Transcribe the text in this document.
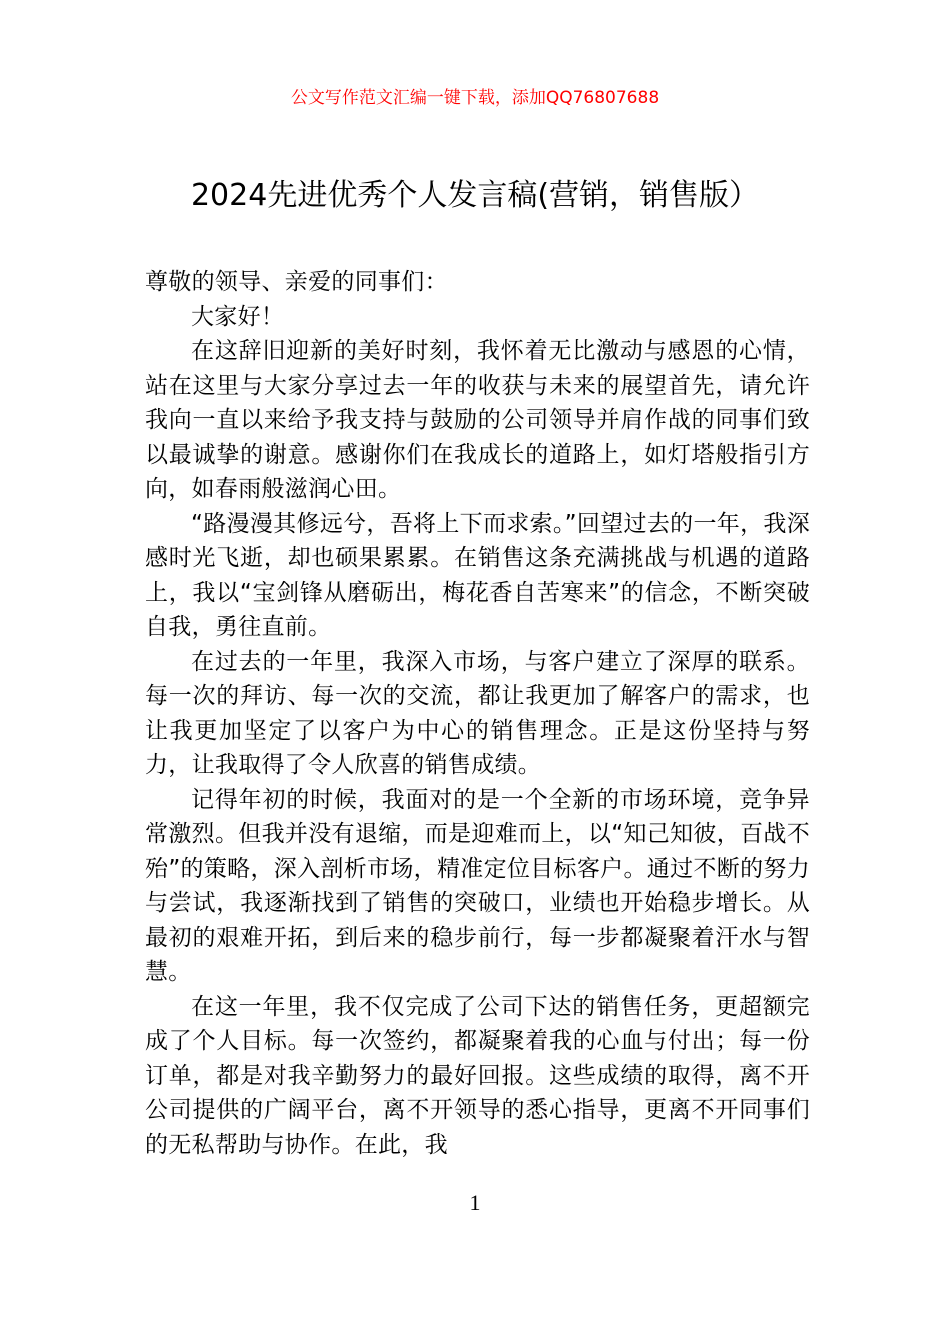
公文写作范文汇编一键下载，添加QQ76807688
2024先进优秀个人发言稿(营销，销售版）

尊敬的领导、亲爱的同事们：

大家好！

在这辞旧迎新的美好时刻，我怀着无比激动与感恩的心情，站在这里与大家分享过去一年的收获与未来的展望首先，请允许我向一直以来给予我支持与鼓励的公司领导并肩作战的同事们致以最诚挚的谢意。感谢你们在我成长的道路上，如灯塔般指引方向，如春雨般滋润心田。

“路漫漫其修远兮，吾将上下而求索。”回望过去的一年，我深感时光飞逝，却也硕果累累。在销售这条充满挑战与机遇的道路上，我以“宝剑锋从磨砺出，梅花香自苦寒来”的信念，不断突破自我，勇往直前。

在过去的一年里，我深入市场，与客户建立了深厚的联系。每一次的拜访、每一次的交流，都让我更加了解客户的需求，也让我更加坚定了以客户为中心的销售理念。正是这份坚持与努力，让我取得了令人欣喜的销售成绩。

记得年初的时候，我面对的是一个全新的市场环境，竞争异常激烈。但我并没有退缩，而是迎难而上，以“知己知彼，百战不殆”的策略，深入剖析市场，精准定位目标客户。通过不断的努力与尝试，我逐渐找到了销售的突破口，业绩也开始稳步增长。从最初的艰难开拓，到后来的稳步前行，每一步都凝聚着汗水与智慧。

在这一年里，我不仅完成了公司下达的销售任务，更超额完成了个人目标。每一次签约，都凝聚着我的心血与付出；每一份订单，都是对我辛勤努力的最好回报。这些成绩的取得，离不开公司提供的广阔平台，离不开领导的悉心指导，更离不开同事们的无私帮助与协作。在此，我

1
